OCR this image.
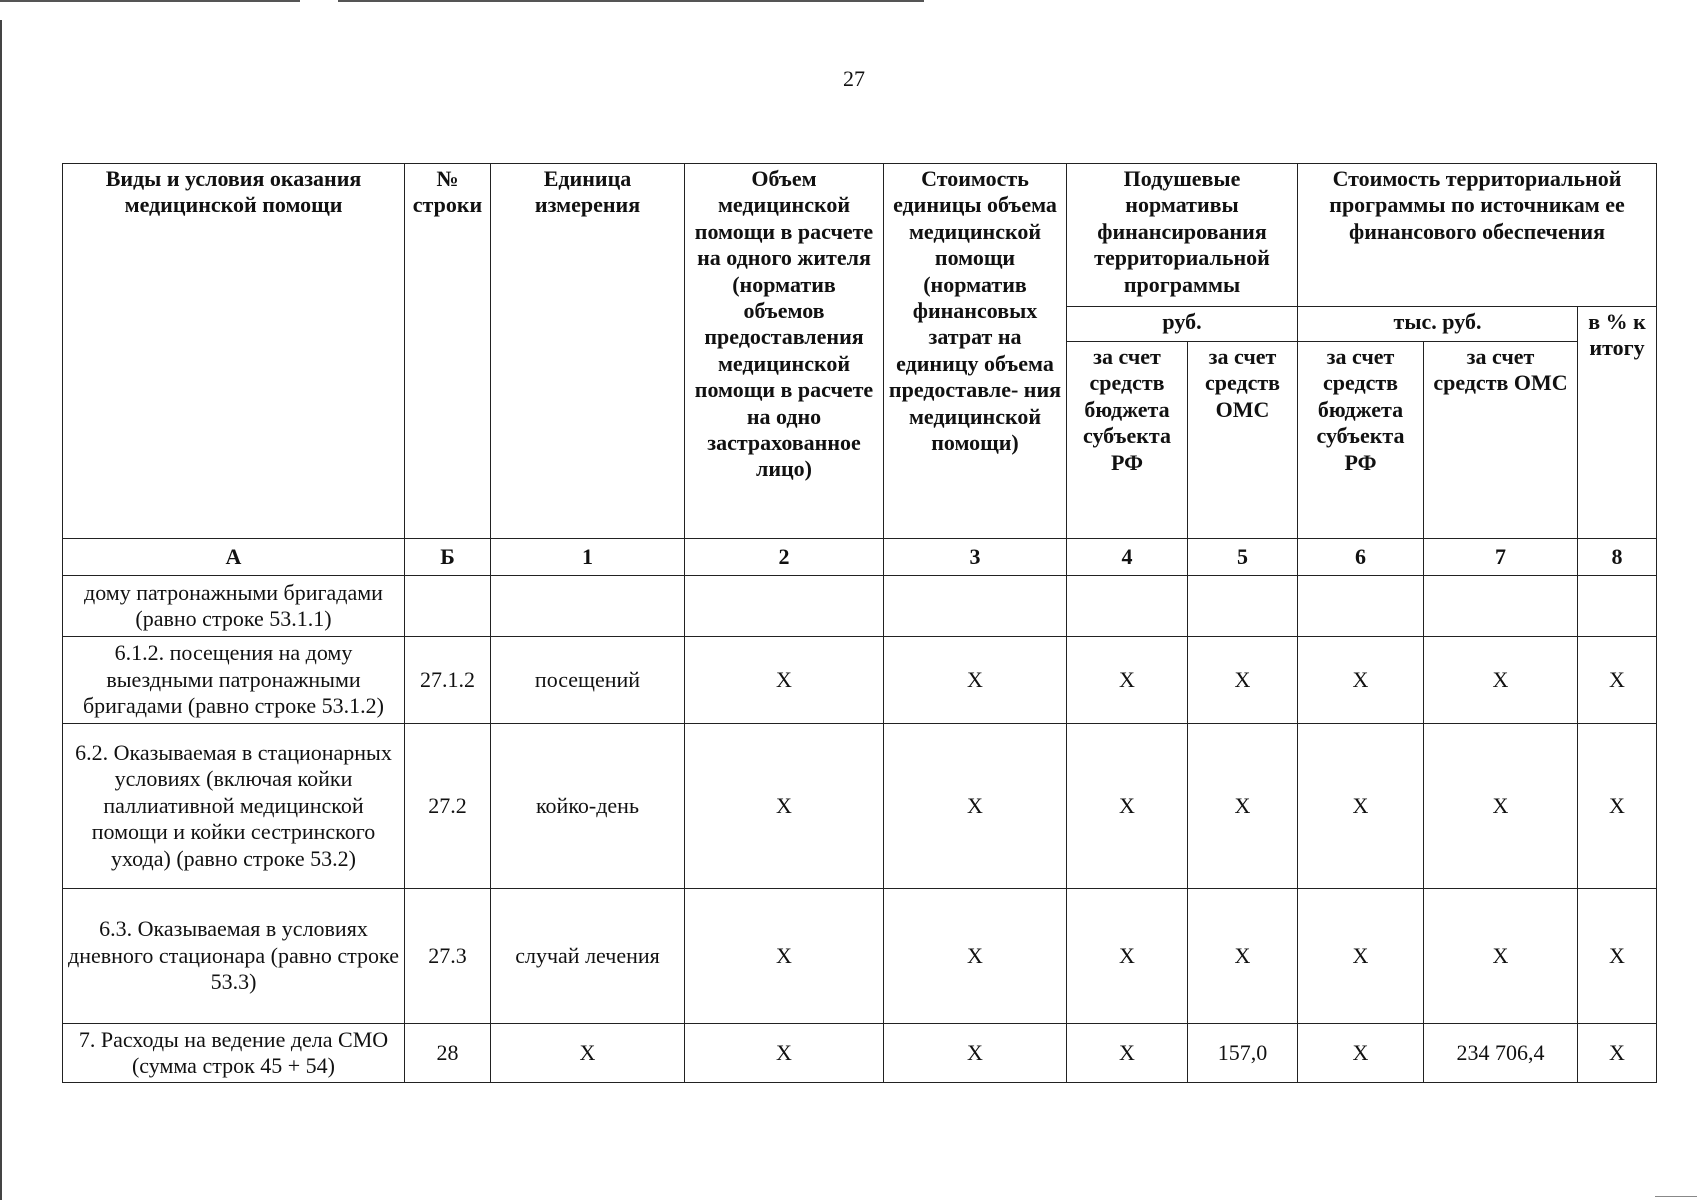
27
Виды и условия оказания медицинской помощи	№ строки	Единица измерения	Объем медицинской помощи в расчете на одного жителя (норматив объемов предоставления медицинской помощи в расчете на одно застрахованное лицо)	Стоимость единицы объема медицинской помощи (норматив финансовых затрат на единицу объема предоставле- ния медицинской помощи)	Подушевые нормативы финансирования территориальной программы		Стоимость территориальной программы по источникам ее финансового обеспечения		
					руб.		тыс. руб.		в % к итогу
					за счет средств бюджета субъекта РФ	за счет средств ОМС	за счет средств бюджета субъекта РФ	за счет средств ОМС	
А	Б	1	2	3	4	5	6	7	8
дому патронажными бригадами (равно строке 53.1.1)									
6.1.2. посещения на дому выездными патронажными бригадами (равно строке 53.1.2)	27.1.2	посещений	X	X	X	X	X	X	X
6.2. Оказываемая в стационарных условиях (включая койки паллиативной медицинской помощи и койки сестринского ухода) (равно строке 53.2)	27.2	койко-день	X	X	X	X	X	X	X
6.3. Оказываемая в условиях дневного стационара (равно строке 53.3)	27.3	случай лечения	X	X	X	X	X	X	X
7. Расходы на ведение дела СМО (сумма строк 45 + 54)	28	X	X	X	X	157,0	X	234 706,4	X
